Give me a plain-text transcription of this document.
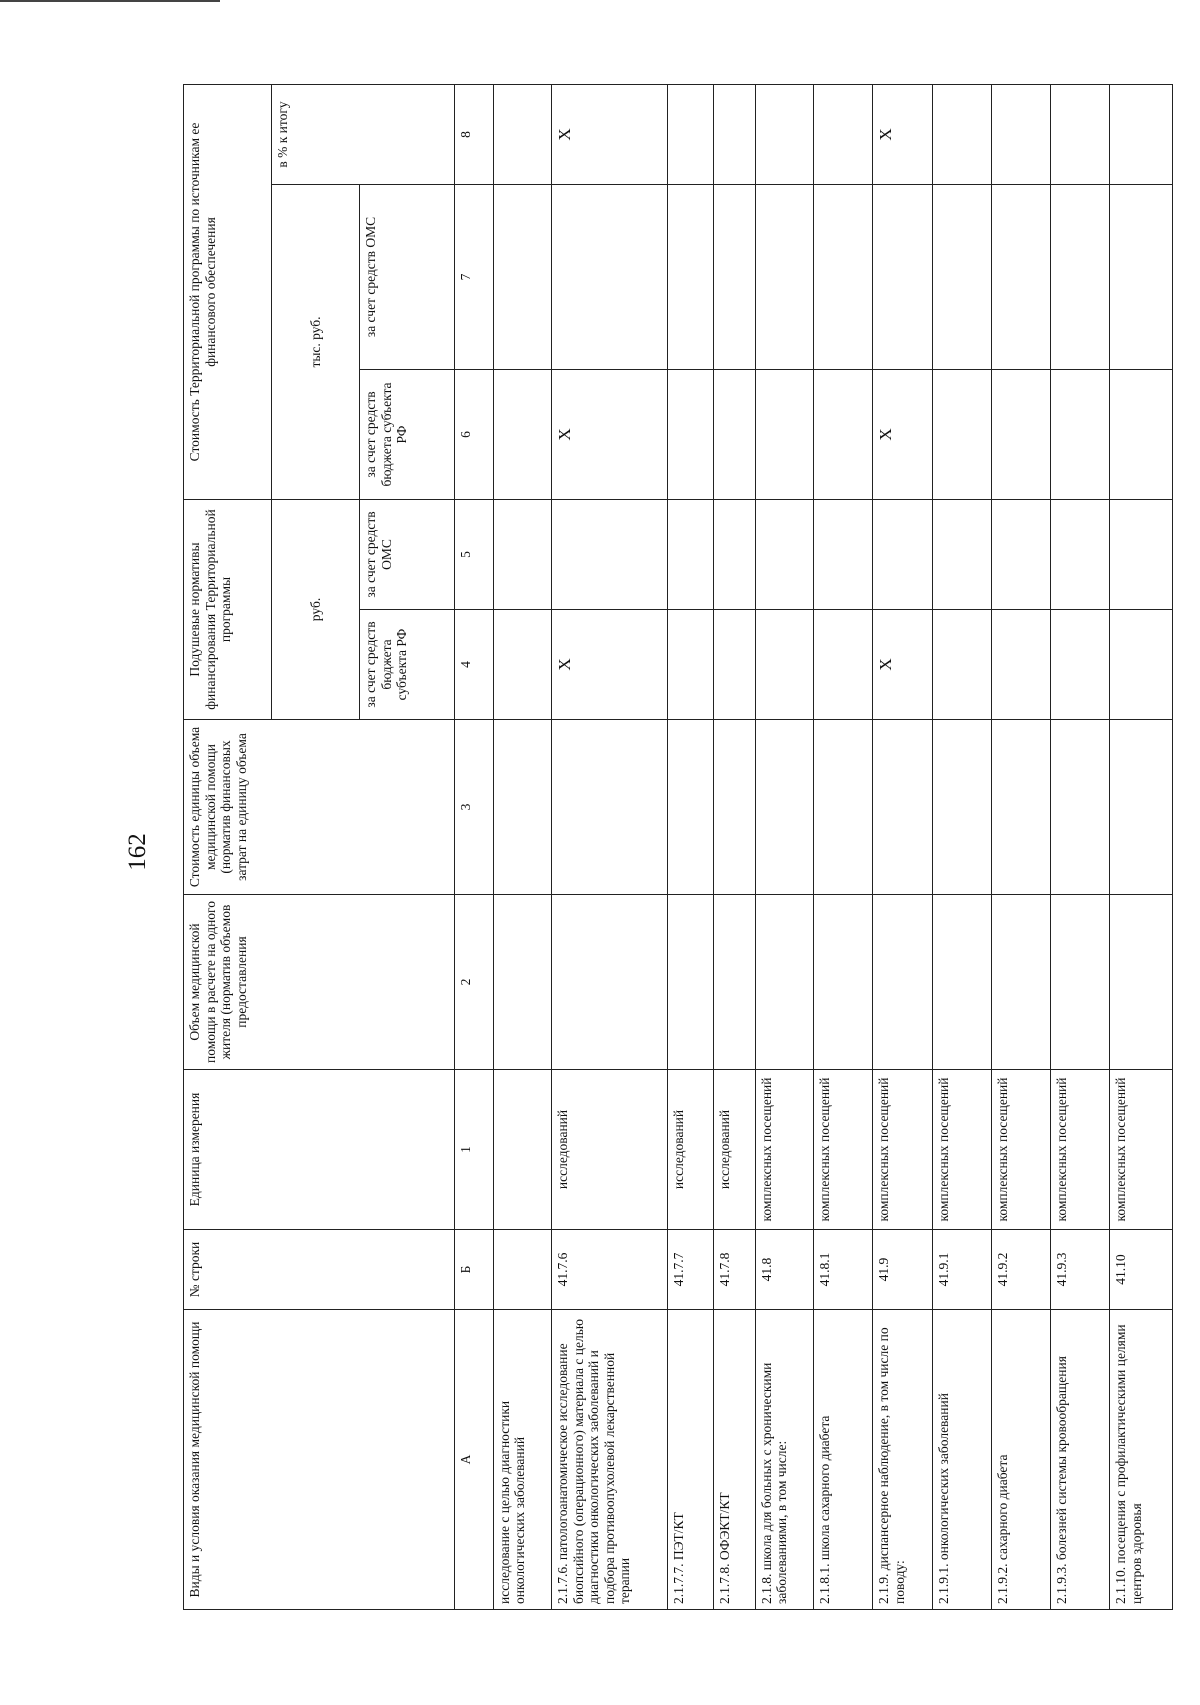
162
Виды и условия оказания медицинской помощи	№ строки	Единица измерения	Объем медицинской помощи в расчете на одного жителя (норматив объемов предоставления	Стоимость единицы объема медицинской помощи (норматив финансовых затрат на единицу объема	Подушевые нормативы финансирования Территориальной программы		Стоимость Территориальной программы по источникам ее финансового обеспечения		
					руб.		тыс. руб.		в % к итогу
					за счет средств бюджета субъекта РФ	за счет средств ОМС	за счет средств бюджета субъекта РФ	за счет средств ОМС	
А	Б	1	2	3	4	5	6	7	8
исследование с целью диагностики онкологических заболеваний									
2.1.7.6. патологоанатомическое исследование биопсийного (операционного) материала с целью диагностики онкологических заболеваний и подбора противоопухолевой лекарственной терапии	41.7.6	исследований			X		X		X
2.1.7.7. ПЭТ/КТ	41.7.7	исследований							
2.1.7.8. ОФЭКТ/КТ	41.7.8	исследований							
2.1.8. школа для больных с хроническими заболеваниями, в том числе:	41.8	комплексных посещений							
2.1.8.1. школа сахарного диабета	41.8.1	комплексных посещений							
2.1.9. диспансерное наблюдение, в том числе по поводу:	41.9	комплексных посещений			X		X		X
2.1.9.1. онкологических заболеваний	41.9.1	комплексных посещений							
2.1.9.2. сахарного диабета	41.9.2	комплексных посещений							
2.1.9.3. болезней системы кровообращения	41.9.3	комплексных посещений							
2.1.10. посещения с профилактическими целями центров здоровья	41.10	комплексных посещений							
